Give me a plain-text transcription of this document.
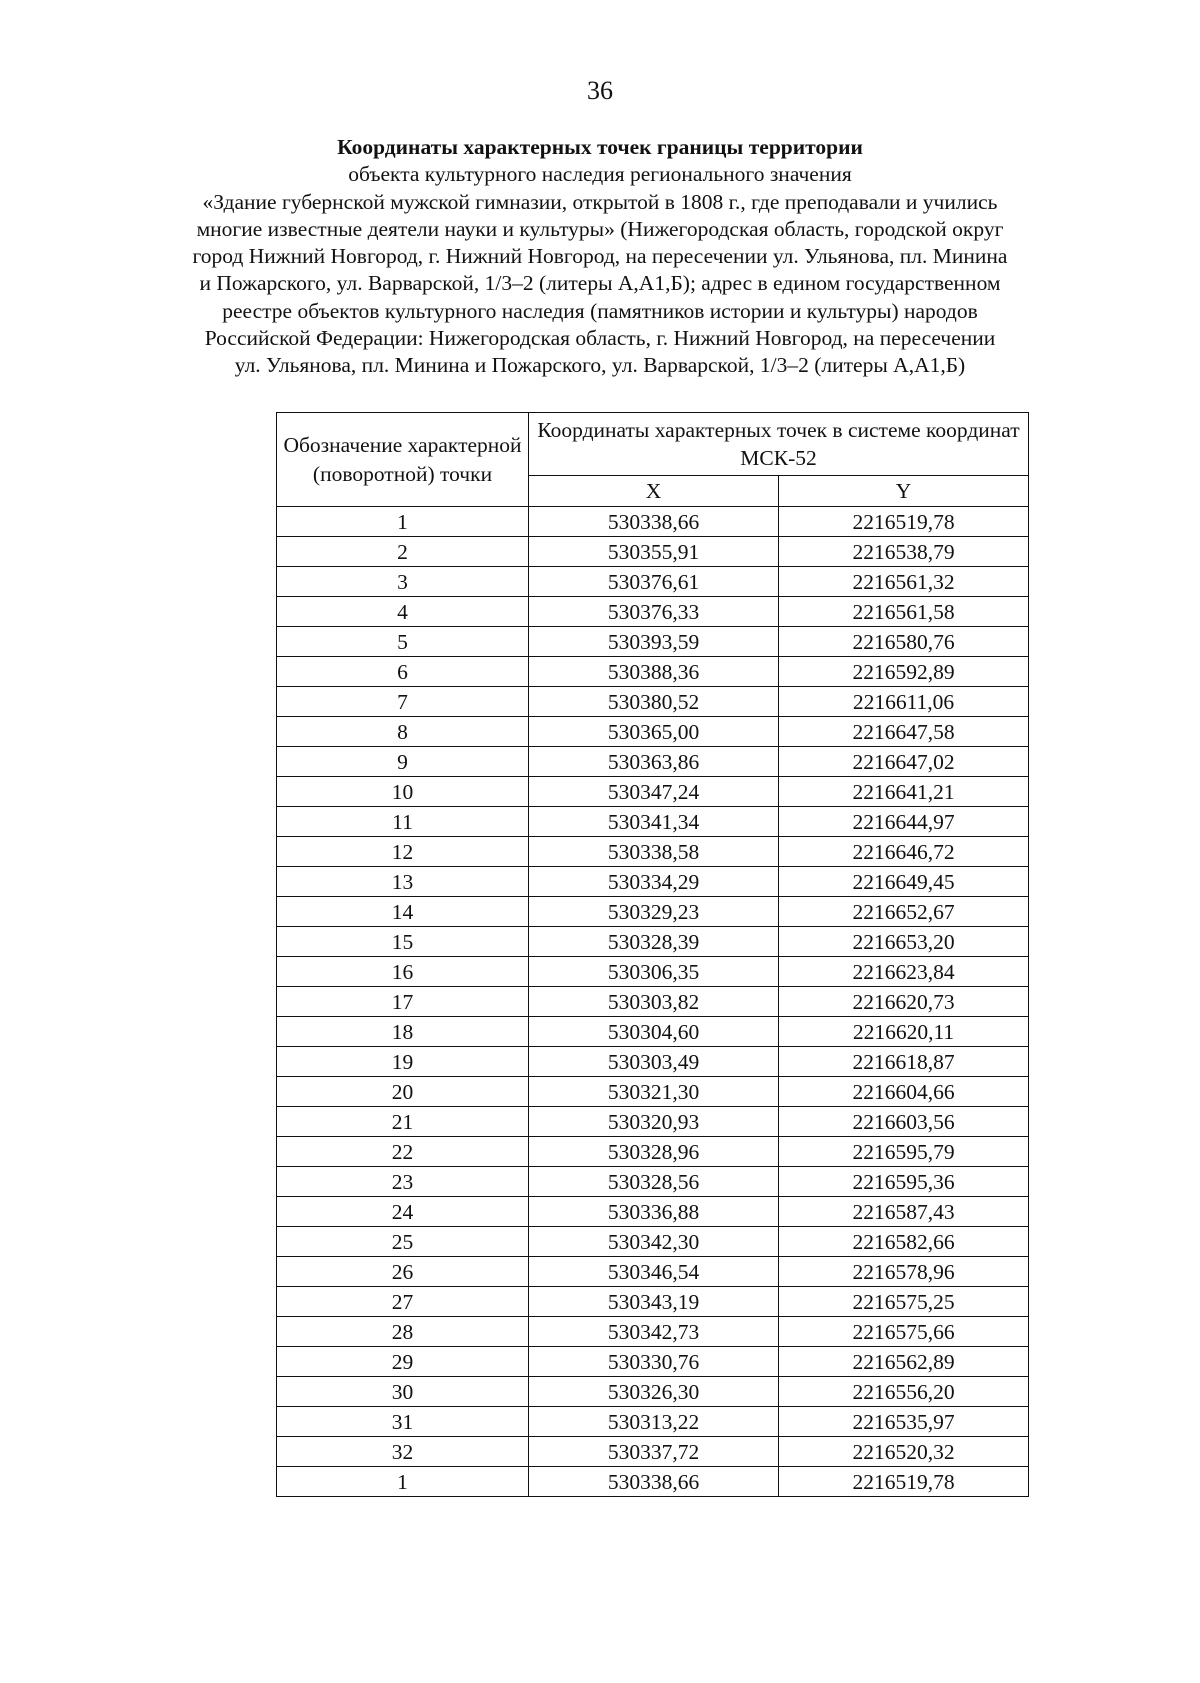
36
Координаты характерных точек границы территории
объекта культурного наследия регионального значения
«Здание губернской мужской гимназии, открытой в 1808 г., где преподавали и учились
многие известные деятели науки и культуры» (Нижегородская область, городской округ
город Нижний Новгород, г. Нижний Новгород, на пересечении ул. Ульянова, пл. Минина
и Пожарского, ул. Варварской, 1/3–2 (литеры А,А1,Б); адрес в едином государственном
реестре объектов культурного наследия (памятников истории и культуры) народов
Российской Федерации: Нижегородская область, г. Нижний Новгород, на пересечении
ул. Ульянова, пл. Минина и Пожарского, ул. Варварской, 1/3–2 (литеры А,А1,Б)
Обозначение характерной (поворотной) точки	Координаты характерных точек в системе координат МСК-52	
	X	Y
1	530338,66	2216519,78
2	530355,91	2216538,79
3	530376,61	2216561,32
4	530376,33	2216561,58
5	530393,59	2216580,76
6	530388,36	2216592,89
7	530380,52	2216611,06
8	530365,00	2216647,58
9	530363,86	2216647,02
10	530347,24	2216641,21
11	530341,34	2216644,97
12	530338,58	2216646,72
13	530334,29	2216649,45
14	530329,23	2216652,67
15	530328,39	2216653,20
16	530306,35	2216623,84
17	530303,82	2216620,73
18	530304,60	2216620,11
19	530303,49	2216618,87
20	530321,30	2216604,66
21	530320,93	2216603,56
22	530328,96	2216595,79
23	530328,56	2216595,36
24	530336,88	2216587,43
25	530342,30	2216582,66
26	530346,54	2216578,96
27	530343,19	2216575,25
28	530342,73	2216575,66
29	530330,76	2216562,89
30	530326,30	2216556,20
31	530313,22	2216535,97
32	530337,72	2216520,32
1	530338,66	2216519,78
